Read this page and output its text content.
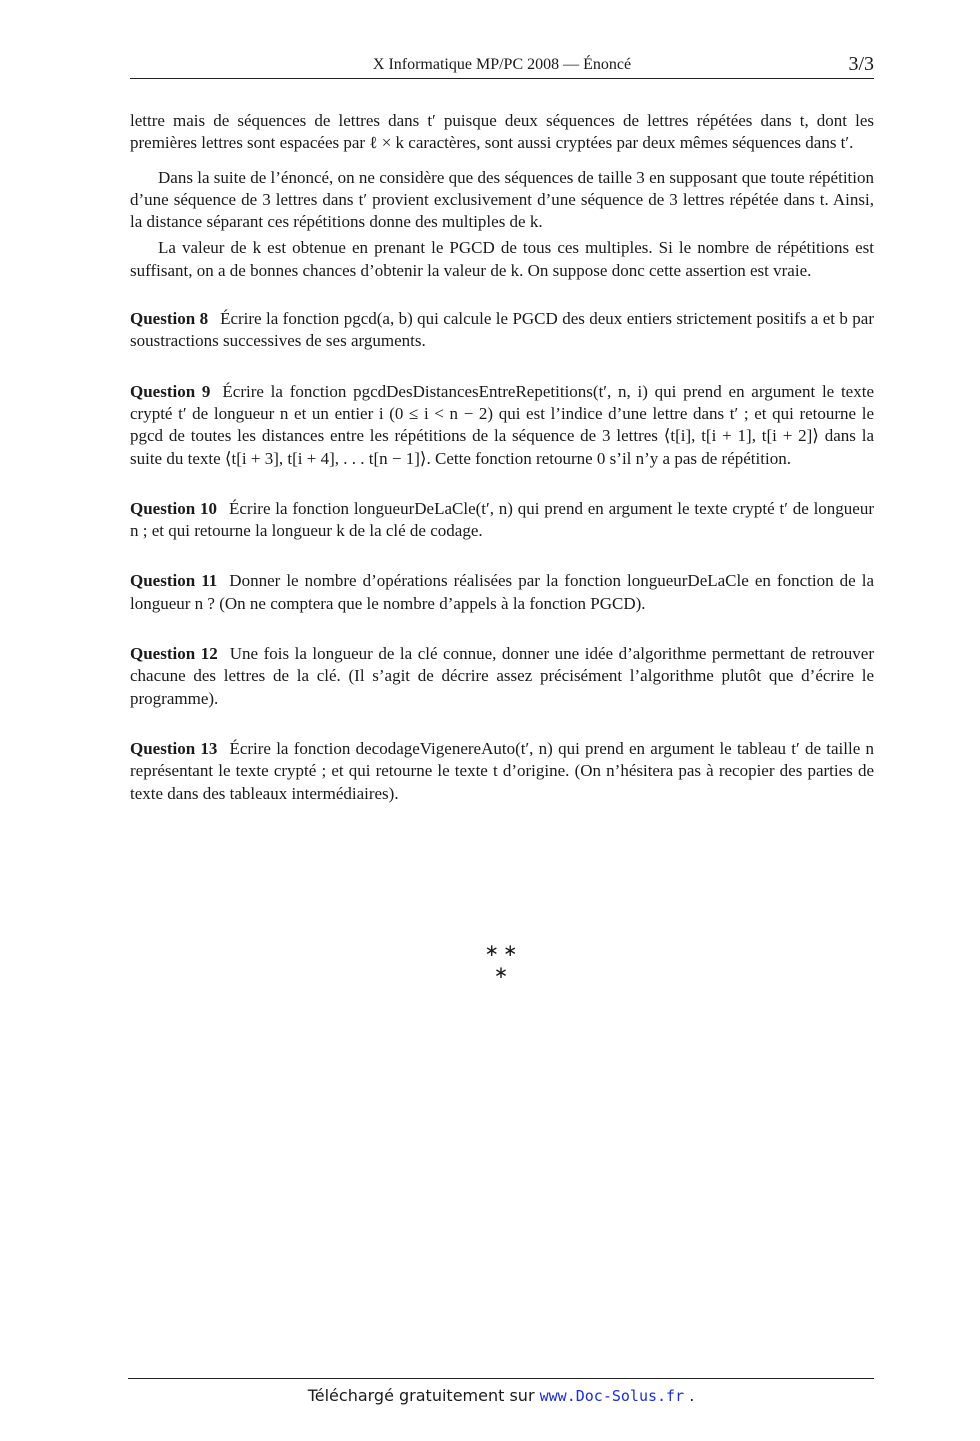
X Informatique MP/PC 2008 — Énoncé	3/3

lettre mais de séquences de lettres dans t′ puisque deux séquences de lettres répétées dans t, dont les premières lettres sont espacées par ℓ × k caractères, sont aussi cryptées par deux mêmes séquences dans t′.

Dans la suite de l’énoncé, on ne considère que des séquences de taille 3 en supposant que toute répétition d’une séquence de 3 lettres dans t′ provient exclusivement d’une séquence de 3 lettres répétée dans t. Ainsi, la distance séparant ces répétitions donne des multiples de k.

La valeur de k est obtenue en prenant le PGCD de tous ces multiples. Si le nombre de répétitions est suffisant, on a de bonnes chances d’obtenir la valeur de k. On suppose donc cette assertion est vraie.

Question 8 Écrire la fonction pgcd(a, b) qui calcule le PGCD des deux entiers strictement positifs a et b par soustractions successives de ses arguments.

Question 9 Écrire la fonction pgcdDesDistancesEntreRepetitions(t′, n, i) qui prend en argument le texte crypté t′ de longueur n et un entier i (0 ≤ i < n − 2) qui est l’indice d’une lettre dans t′ ; et qui retourne le pgcd de toutes les distances entre les répétitions de la séquence de 3 lettres ⟨t[i], t[i + 1], t[i + 2]⟩ dans la suite du texte ⟨t[i + 3], t[i + 4], . . . t[n − 1]⟩. Cette fonction retourne 0 s’il n’y a pas de répétition.

Question 10 Écrire la fonction longueurDeLaCle(t′, n) qui prend en argument le texte crypté t′ de longueur n ; et qui retourne la longueur k de la clé de codage.

Question 11 Donner le nombre d’opérations réalisées par la fonction longueurDeLaCle en fonction de la longueur n ? (On ne comptera que le nombre d’appels à la fonction PGCD).

Question 12 Une fois la longueur de la clé connue, donner une idée d’algorithme permettant de retrouver chacune des lettres de la clé. (Il s’agit de décrire assez précisément l’algorithme plutôt que d’écrire le programme).

Question 13 Écrire la fonction decodageVigenereAuto(t′, n) qui prend en argument le tableau t′ de taille n représentant le texte crypté ; et qui retourne le texte t d’origine. (On n’hésitera pas à recopier des parties de texte dans des tableaux intermédiaires).

∗ ∗
∗
Téléchargé gratuitement sur www.Doc-Solus.fr .
